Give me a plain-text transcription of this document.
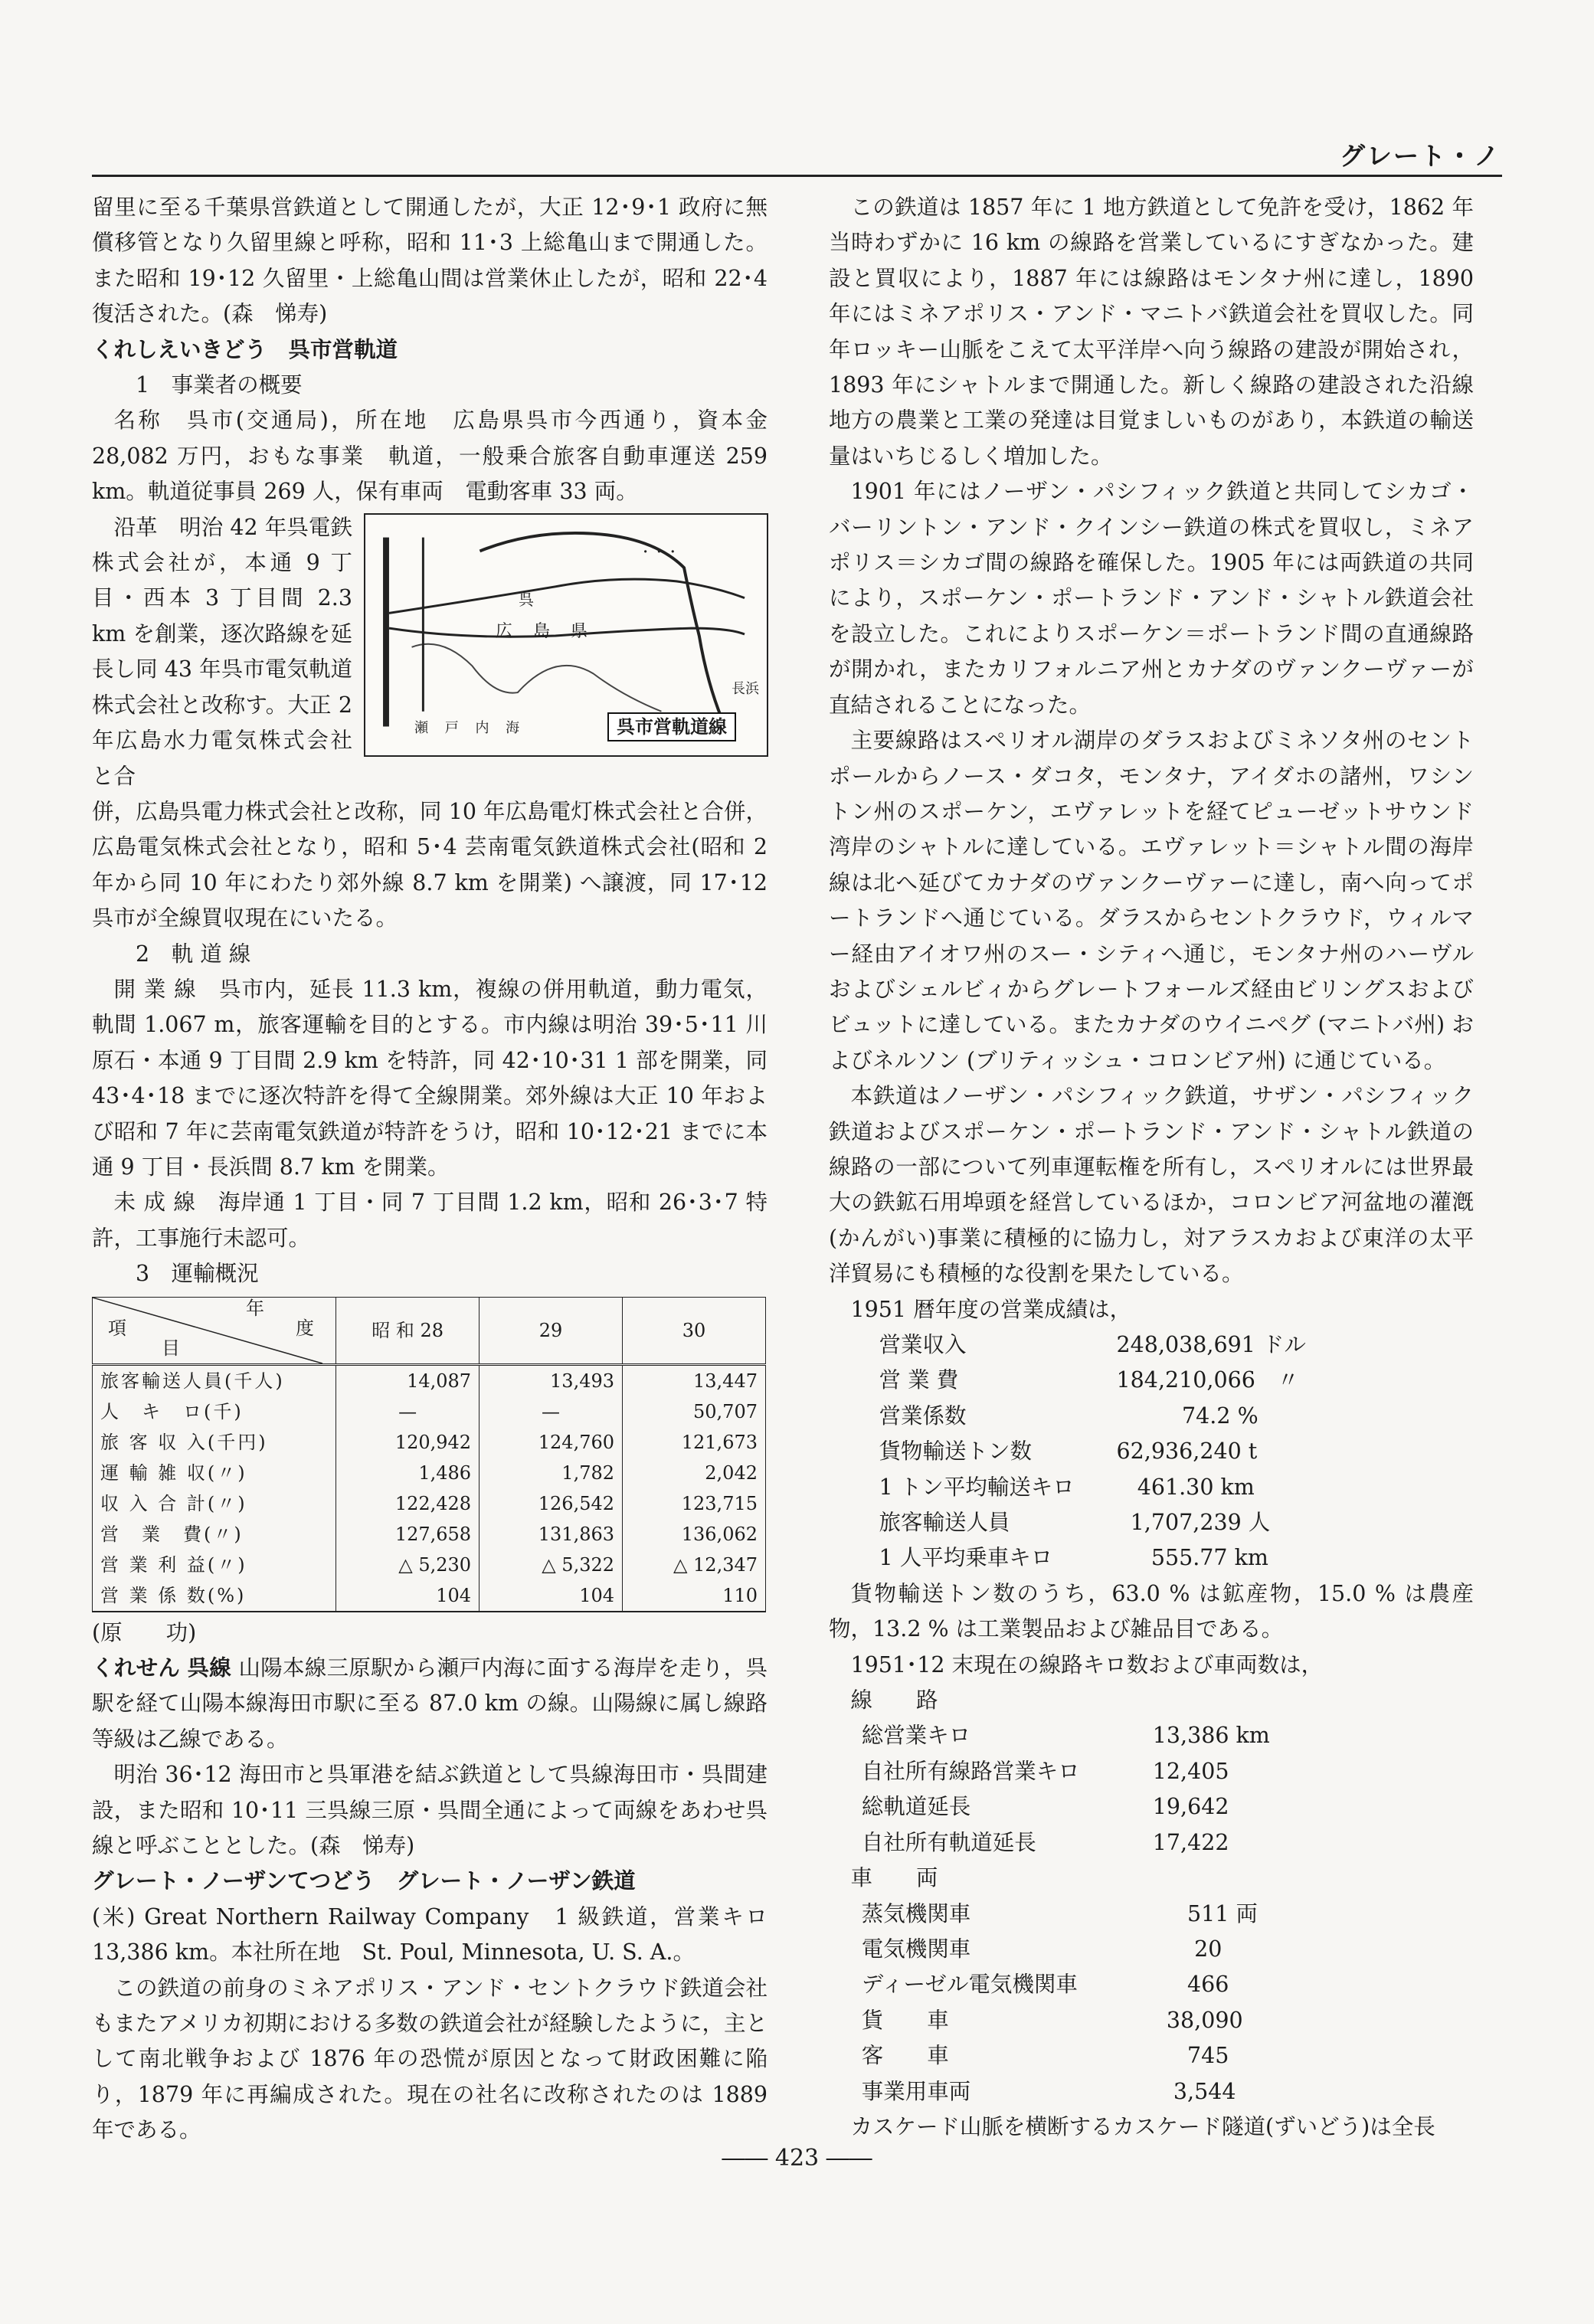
グレート・ノ

留里に至る千葉県営鉄道として開通したが，大正 12･9･1 政府に無償移管となり久留里線と呼称，昭和 11･3 上総亀山まで開通した。また昭和 19･12 久留里・上総亀山間は営業休止したが，昭和 22･4 復活された。(森　悌寿)

くれしえいきどう 呉市営軌道

1　事業者の概要

名称　呉市(交通局)，所在地　広島県呉市今西通り，資本金 28,082 万円，おもな事業　軌道，一般乗合旅客自動車運送 259 km。軌道従事員 269 人，保有車両　電動客車 33 両。

沿革　明治 42 年呉電鉄株式会社が，本通 9 丁目・西本 3 丁目間 2.3 km を創業，逐次路線を延長し同 43 年呉市電気軌道株式会社と改称す。大正 2 年広島水力電気株式会社と合

・・・
広 島 県
瀬 戸 内 海
呉
長浜
呉市営軌道線

併，広島呉電力株式会社と改称，同 10 年広島電灯株式会社と合併，広島電気株式会社となり，昭和 5･4 芸南電気鉄道株式会社(昭和 2 年から同 10 年にわたり郊外線 8.7 km を開業) へ譲渡，同 17･12 呉市が全線買収現在にいたる。

2　軌 道 線

開 業 線　呉市内，延長 11.3 km，複線の併用軌道，動力電気，軌間 1.067 m，旅客運輸を目的とする。市内線は明治 39･5･11 川原石・本通 9 丁目間 2.9 km を特許，同 42･10･31 1 部を開業，同 43･4･18 までに逐次特許を得て全線開業。郊外線は大正 10 年および昭和 7 年に芸南電気鉄道が特許をうけ，昭和 10･12･21 までに本通 9 丁目・長浜間 8.7 km を開業。

未 成 線　海岸通 1 丁目・同 7 丁目間 1.2 km，昭和 26･3･7 特許，工事施行未認可。

3　運輸概況

年
度
項
目	昭 和 28	29	30
旅客輸送人員(千人)	14,087	13,493	13,447
人　キ　ロ(千)	—	—	50,707
旅 客 収 入(千円)	120,942	124,760	121,673
運 輸 雑 収(〃)	1,486	1,782	2,042
収 入 合 計(〃)	122,428	126,542	123,715
営　業　費(〃)	127,658	131,863	136,062
営 業 利 益(〃)	△ 5,230	△ 5,322	△ 12,347
営 業 係 数(%)	104	104	110

(原　　功)

くれせん 呉線 山陽本線三原駅から瀬戸内海に面する海岸を走り，呉駅を経て山陽本線海田市駅に至る 87.0 km の線。山陽線に属し線路等級は乙線である。

明治 36･12 海田市と呉軍港を結ぶ鉄道として呉線海田市・呉間建設，また昭和 10･11 三呉線三原・呉間全通によって両線をあわせ呉線と呼ぶこととした。(森　悌寿)

グレート・ノーザンてつどう グレート・ノーザン鉄道

(米) Great Northern Railway Company　1 級鉄道，営業キロ 13,386 km。本社所在地　St. Poul, Minnesota, U. S. A.。

この鉄道の前身のミネアポリス・アンド・セントクラウド鉄道会社もまたアメリカ初期における多数の鉄道会社が経験したように，主として南北戦争および 1876 年の恐慌が原因となって財政困難に陥り，1879 年に再編成された。現在の社名に改称されたのは 1889 年である。

この鉄道は 1857 年に 1 地方鉄道として免許を受け，1862 年当時わずかに 16 km の線路を営業しているにすぎなかった。建設と買収により，1887 年には線路はモンタナ州に達し，1890 年にはミネアポリス・アンド・マニトバ鉄道会社を買収した。同年ロッキー山脈をこえて太平洋岸へ向う線路の建設が開始され，1893 年にシャトルまで開通した。新しく線路の建設された沿線地方の農業と工業の発達は目覚ましいものがあり，本鉄道の輸送量はいちじるしく増加した。

1901 年にはノーザン・パシフィック鉄道と共同してシカゴ・バーリントン・アンド・クインシー鉄道の株式を買収し，ミネアポリス＝シカゴ間の線路を確保した。1905 年には両鉄道の共同により，スポーケン・ポートランド・アンド・シャトル鉄道会社を設立した。これによりスポーケン＝ポートランド間の直通線路が開かれ，またカリフォルニア州とカナダのヴァンクーヴァーが直結されることになった。

主要線路はスペリオル湖岸のダラスおよびミネソタ州のセントポールからノース・ダコタ，モンタナ，アイダホの諸州，ワシントン州のスポーケン，エヴァレットを経てピューゼットサウンド湾岸のシャトルに達している。エヴァレット＝シャトル間の海岸線は北へ延びてカナダのヴァンクーヴァーに達し，南へ向ってポートランドへ通じている。ダラスからセントクラウド，ウィルマー経由アイオワ州のスー・シティへ通じ，モンタナ州のハーヴルおよびシェルビィからグレートフォールズ経由ビリングスおよびビュットに達している。またカナダのウイニペグ (マニトバ州) およびネルソン (ブリティッシュ・コロンビア州) に通じている。

本鉄道はノーザン・パシフィック鉄道，サザン・パシフィック鉄道およびスポーケン・ポートランド・アンド・シャトル鉄道の線路の一部について列車運転権を所有し，スペリオルには世界最大の鉄鉱石用埠頭を経営しているほか，コロンビア河盆地の灌漑(かんがい)事業に積極的に協力し，対アラスカおよび東洋の太平洋貿易にも積極的な役割を果たしている。

1951 暦年度の営業成績は，

営業収入	248,038,691 ドル
営 業 費	184,210,066　〃
営業係数	　　　74.2 %
貨物輸送トン数	62,936,240 t
1 トン平均輸送キロ	461.30 km
旅客輸送人員	1,707,239 人
1 人平均乗車キロ	555.77 km

貨物輸送トン数のうち，63.0 % は鉱産物，15.0 % は農産物，13.2 % は工業製品および雑品目である。

1951･12 末現在の線路キロ数および車両数は，

線　　路

総営業キロ	13,386 km
自社所有線路営業キロ	12,405
総軌道延長	19,642
自社所有軌道延長	17,422

車　　両

蒸気機関車	511 両
電気機関車	20
ディーゼル電気機関車	466
貨　　車	38,090
客　　車	745
事業用車両	3,544

カスケード山脈を横断するカスケード隧道(ずいどう)は全長

―― 423 ――
